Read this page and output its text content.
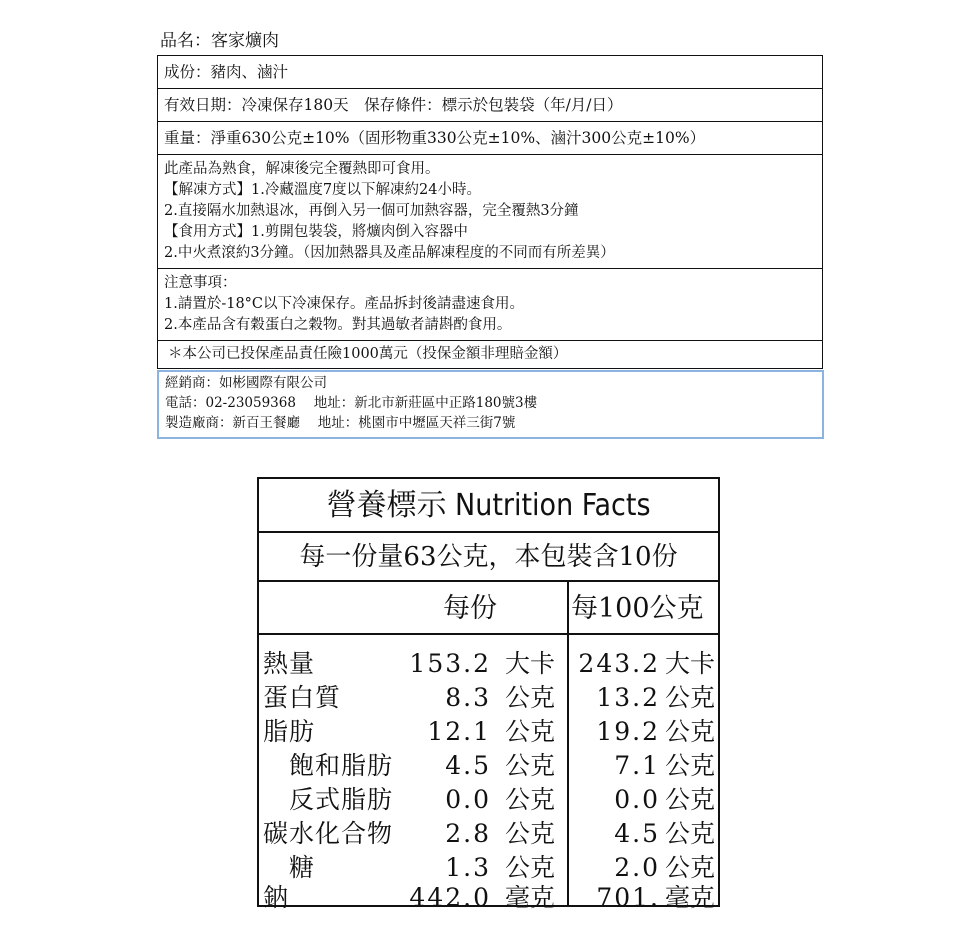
品名：客家爌肉
成份：豬肉、滷汁
有效日期：冷凍保存180天　保存條件：標示於包裝袋（年/月/日）
重量：淨重630公克±10%（固形物重330公克±10%、滷汁300公克±10%）
此產品為熟食，解凍後完全覆熱即可食用。
【解凍方式】1.冷藏溫度7度以下解凍約24小時。
2.直接隔水加熱退冰，再倒入另一個可加熱容器，完全覆熱3分鐘
【食用方式】1.剪開包裝袋，將爌肉倒入容器中
2.中火煮滾約3分鐘。（因加熱器具及產品解凍程度的不同而有所差異）
注意事項：
1.請置於-18°C以下冷凍保存。產品拆封後請盡速食用。
2.本產品含有穀蛋白之穀物。對其過敏者請斟酌食用。
＊本公司已投保產品責任險1000萬元（投保金額非理賠金額）
經銷商：如彬國際有限公司
電話：02-23059368　 地址：新北市新莊區中正路180號3樓
製造廠商：新百王餐廳　 地址：桃園市中壢區天祥三街7號
營養標示 Nutrition Facts
每一份量63公克，本包裝含10份
每份	每100公克
熱量	153.2 大卡 243.2 大卡
蛋白質	8.3 公克 13.2 公克
脂肪	12.1 公克 19.2 公克
飽和脂肪 4.5 公克 7.1 公克
反式脂肪 0.0 公克 0.0 公克
碳水化合物 2.8 公克 4.5 公克
糖	1.3 公克 2.0 公克
鈉	442.0 毫克 701. 毫克
